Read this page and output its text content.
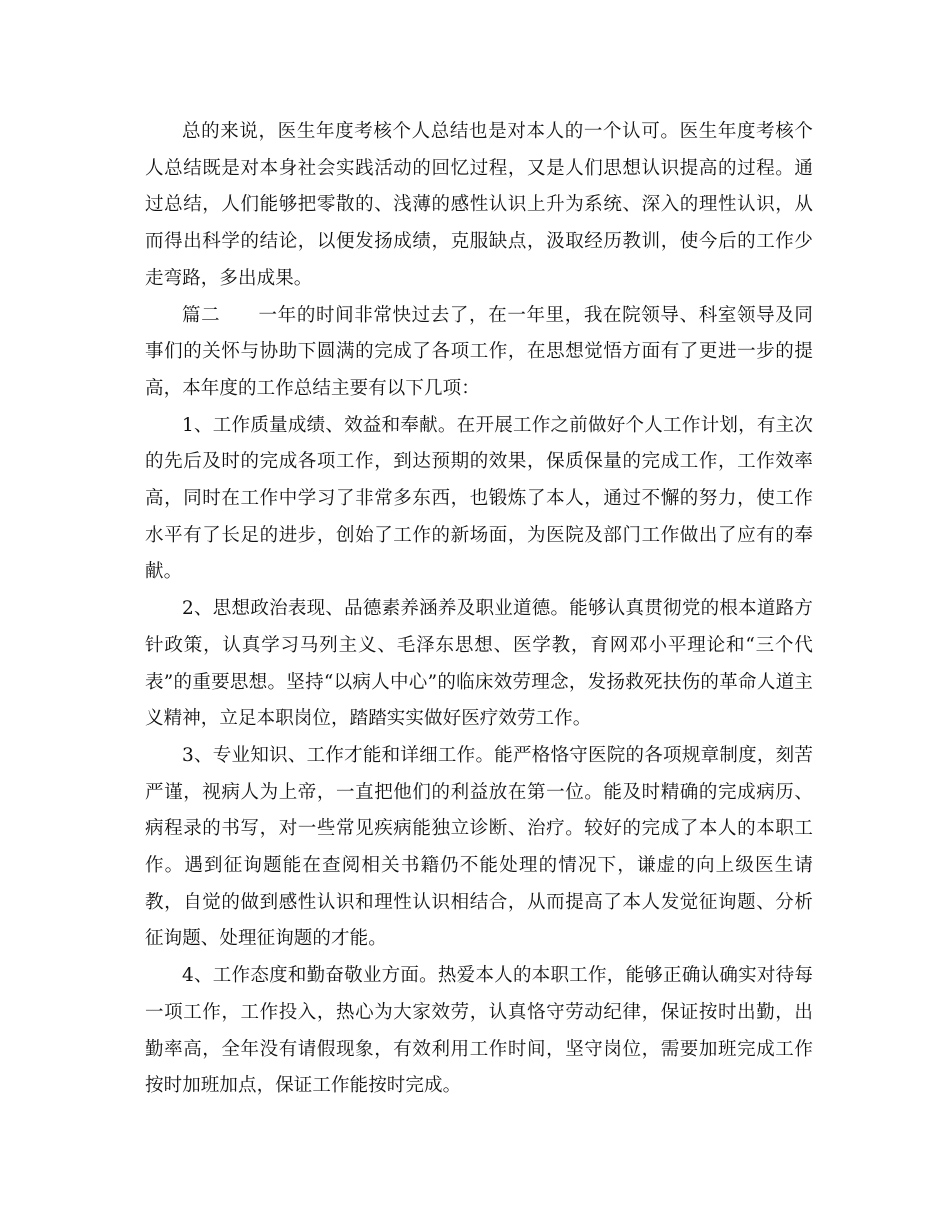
总的来说，医生年度考核个人总结也是对本人的一个认可。医生年度考核个人总结既是对本身社会实践活动的回忆过程，又是人们思想认识提高的过程。通过总结，人们能够把零散的、浅薄的感性认识上升为系统、深入的理性认识，从而得出科学的结论，以便发扬成绩，克服缺点，汲取经历教训，使今后的工作少走弯路，多出成果。

篇二　　一年的时间非常快过去了，在一年里，我在院领导、科室领导及同事们的关怀与协助下圆满的完成了各项工作，在思想觉悟方面有了更进一步的提高，本年度的工作总结主要有以下几项：

1、工作质量成绩、效益和奉献。在开展工作之前做好个人工作计划，有主次的先后及时的完成各项工作，到达预期的效果，保质保量的完成工作，工作效率高，同时在工作中学习了非常多东西，也锻炼了本人，通过不懈的努力，使工作水平有了长足的进步，创始了工作的新场面，为医院及部门工作做出了应有的奉献。

2、思想政治表现、品德素养涵养及职业道德。能够认真贯彻党的根本道路方针政策，认真学习马列主义、毛泽东思想、医学教，育网邓小平理论和“三个代表”的重要思想。坚持“以病人中心”的临床效劳理念，发扬救死扶伤的革命人道主义精神，立足本职岗位，踏踏实实做好医疗效劳工作。

3、专业知识、工作才能和详细工作。能严格恪守医院的各项规章制度，刻苦严谨，视病人为上帝，一直把他们的利益放在第一位。能及时精确的完成病历、病程录的书写，对一些常见疾病能独立诊断、治疗。较好的完成了本人的本职工作。遇到征询题能在查阅相关书籍仍不能处理的情况下，谦虚的向上级医生请教，自觉的做到感性认识和理性认识相结合，从而提高了本人发觉征询题、分析征询题、处理征询题的才能。

4、工作态度和勤奋敬业方面。热爱本人的本职工作，能够正确认确实对待每一项工作，工作投入，热心为大家效劳，认真恪守劳动纪律，保证按时出勤，出勤率高，全年没有请假现象，有效利用工作时间，坚守岗位，需要加班完成工作按时加班加点，保证工作能按时完成。
